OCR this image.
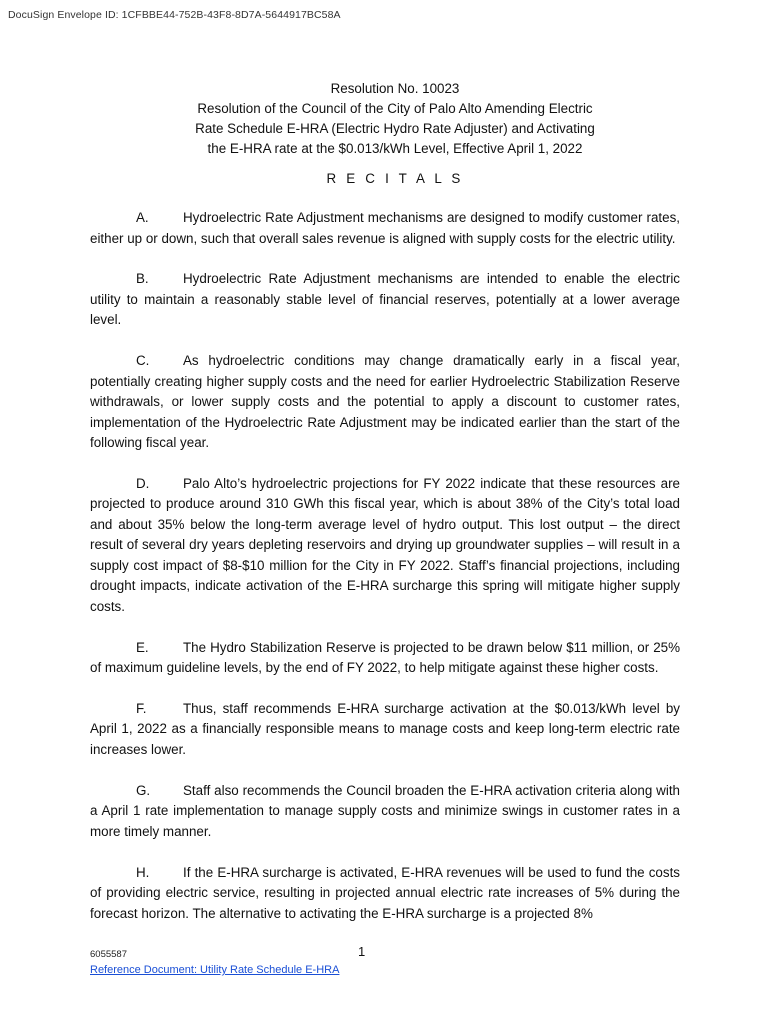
DocuSign Envelope ID: 1CFBBE44-752B-43F8-8D7A-5644917BC58A
Resolution No. 10023
Resolution of the Council of the City of Palo Alto Amending Electric
Rate Schedule E-HRA (Electric Hydro Rate Adjuster) and Activating
the E-HRA rate at the $0.013/kWh Level, Effective April 1, 2022
R E C I T A L S

A.	Hydroelectric Rate Adjustment mechanisms are designed to modify customer rates, either up or down, such that overall sales revenue is aligned with supply costs for the electric utility.

B.	Hydroelectric Rate Adjustment mechanisms are intended to enable the electric utility to maintain a reasonably stable level of financial reserves, potentially at a lower average level.

C.	As hydroelectric conditions may change dramatically early in a fiscal year, potentially creating higher supply costs and the need for earlier Hydroelectric Stabilization Reserve withdrawals, or lower supply costs and the potential to apply a discount to customer rates, implementation of the Hydroelectric Rate Adjustment may be indicated earlier than the start of the following fiscal year.

D.	Palo Alto’s hydroelectric projections for FY 2022 indicate that these resources are projected to produce around 310 GWh this fiscal year, which is about 38% of the City’s total load and about 35% below the long-term average level of hydro output. This lost output – the direct result of several dry years depleting reservoirs and drying up groundwater supplies – will result in a supply cost impact of $8-$10 million for the City in FY 2022. Staff’s financial projections, including drought impacts, indicate activation of the E-HRA surcharge this spring will mitigate higher supply costs.

E.	The Hydro Stabilization Reserve is projected to be drawn below $11 million, or 25% of maximum guideline levels, by the end of FY 2022, to help mitigate against these higher costs.

F.	Thus, staff recommends E-HRA surcharge activation at the $0.013/kWh level by April 1, 2022 as a financially responsible means to manage costs and keep long-term electric rate increases lower.

G. Staff also recommends the Council broaden the E-HRA activation criteria along with a April 1 rate implementation to manage supply costs and minimize swings in customer rates in a more timely manner.

H.	If the E-HRA surcharge is activated, E-HRA revenues will be used to fund the costs of providing electric service, resulting in projected annual electric rate increases of 5% during the forecast horizon. The alternative to activating the E-HRA surcharge is a projected 8%

6055587	1
Reference Document: Utility Rate Schedule E-HRA
